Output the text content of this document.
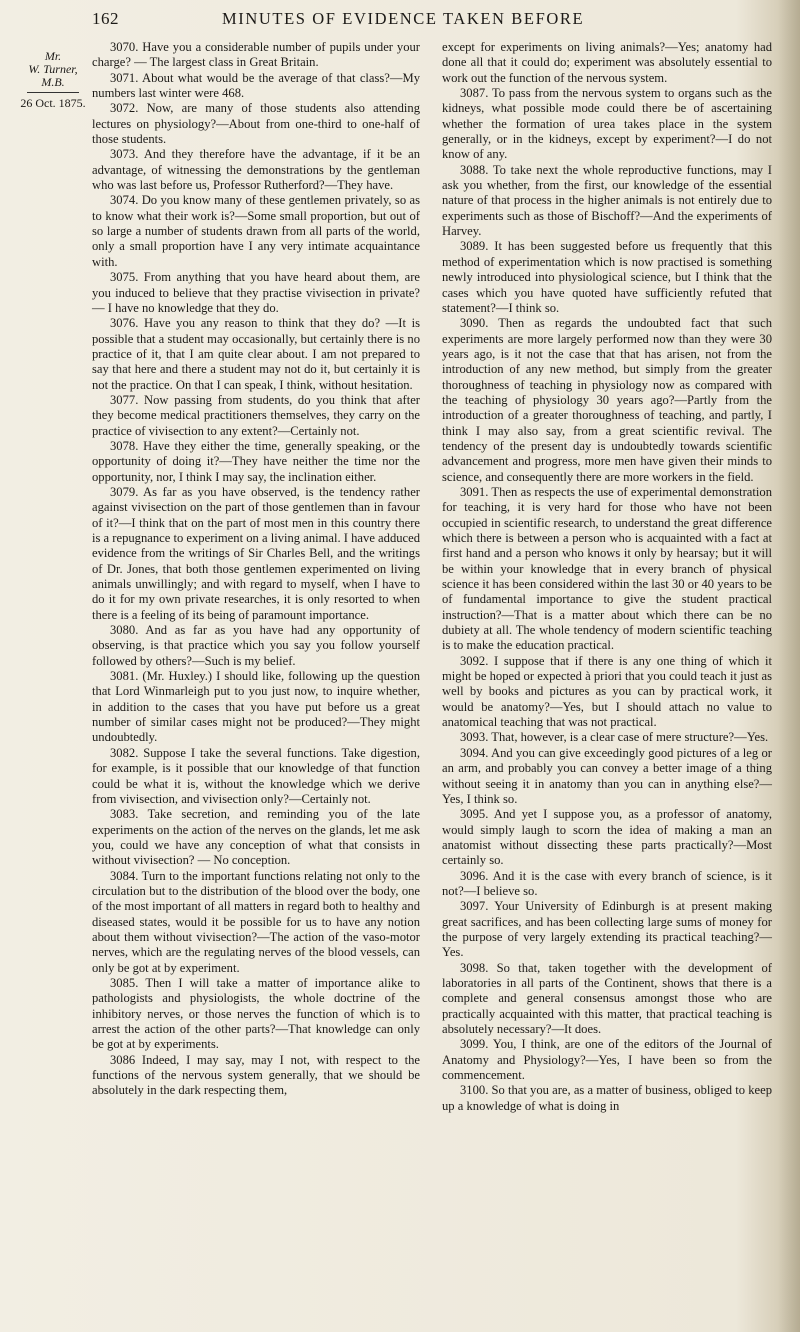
162	MINUTES OF EVIDENCE TAKEN BEFORE
Mr.
W. Turner,
M.B.
26 Oct. 1875.

3070. Have you a considerable number of pupils under your charge? — The largest class in Great Britain.

3071. About what would be the average of that class?—My numbers last winter were 468.

3072. Now, are many of those students also attending lectures on physiology?—About from one-third to one-half of those students.

3073. And they therefore have the advantage, if it be an advantage, of witnessing the demonstrations by the gentleman who was last before us, Professor Rutherford?—They have.

3074. Do you know many of these gentlemen privately, so as to know what their work is?—Some small proportion, but out of so large a number of students drawn from all parts of the world, only a small proportion have I any very intimate acquaintance with.

3075. From anything that you have heard about them, are you induced to believe that they practise vivisection in private? — I have no knowledge that they do.

3076. Have you any reason to think that they do? —It is possible that a student may occasionally, but certainly there is no practice of it, that I am quite clear about. I am not prepared to say that here and there a student may not do it, but certainly it is not the practice. On that I can speak, I think, without hesitation.

3077. Now passing from students, do you think that after they become medical practitioners themselves, they carry on the practice of vivisection to any extent?—Certainly not.

3078. Have they either the time, generally speaking, or the opportunity of doing it?—They have neither the time nor the opportunity, nor, I think I may say, the inclination either.

3079. As far as you have observed, is the tendency rather against vivisection on the part of those gentlemen than in favour of it?—I think that on the part of most men in this country there is a repugnance to experiment on a living animal. I have adduced evidence from the writings of Sir Charles Bell, and the writings of Dr. Jones, that both those gentlemen experimented on living animals unwillingly; and with regard to myself, when I have to do it for my own private researches, it is only resorted to when there is a feeling of its being of paramount importance.

3080. And as far as you have had any opportunity of observing, is that practice which you say you follow yourself followed by others?—Such is my belief.

3081. (Mr. Huxley.) I should like, following up the question that Lord Winmarleigh put to you just now, to inquire whether, in addition to the cases that you have put before us a great number of similar cases might not be produced?—They might undoubtedly.

3082. Suppose I take the several functions. Take digestion, for example, is it possible that our knowledge of that function could be what it is, without the knowledge which we derive from vivisection, and vivisection only?—Certainly not.

3083. Take secretion, and reminding you of the late experiments on the action of the nerves on the glands, let me ask you, could we have any conception of what that consists in without vivisection? — No conception.

3084. Turn to the important functions relating not only to the circulation but to the distribution of the blood over the body, one of the most important of all matters in regard both to healthy and diseased states, would it be possible for us to have any notion about them without vivisection?—The action of the vaso-motor nerves, which are the regulating nerves of the blood vessels, can only be got at by experiment.

3085. Then I will take a matter of importance alike to pathologists and physiologists, the whole doctrine of the inhibitory nerves, or those nerves the function of which is to arrest the action of the other parts?—That knowledge can only be got at by experiments.

3086 Indeed, I may say, may I not, with respect to the functions of the nervous system generally, that we should be absolutely in the dark respecting them,

except for experiments on living animals?—Yes; anatomy had done all that it could do; experiment was absolutely essential to work out the function of the nervous system.

3087. To pass from the nervous system to organs such as the kidneys, what possible mode could there be of ascertaining whether the formation of urea takes place in the system generally, or in the kidneys, except by experiment?—I do not know of any.

3088. To take next the whole reproductive functions, may I ask you whether, from the first, our knowledge of the essential nature of that process in the higher animals is not entirely due to experiments such as those of Bischoff?—And the experiments of Harvey.

3089. It has been suggested before us frequently that this method of experimentation which is now practised is something newly introduced into physiological science, but I think that the cases which you have quoted have sufficiently refuted that statement?—I think so.

3090. Then as regards the undoubted fact that such experiments are more largely performed now than they were 30 years ago, is it not the case that that has arisen, not from the introduction of any new method, but simply from the greater thoroughness of teaching in physiology now as compared with the teaching of physiology 30 years ago?—Partly from the introduction of a greater thoroughness of teaching, and partly, I think I may also say, from a great scientific revival. The tendency of the present day is undoubtedly towards scientific advancement and progress, more men have given their minds to science, and consequently there are more workers in the field.

3091. Then as respects the use of experimental demonstration for teaching, it is very hard for those who have not been occupied in scientific research, to understand the great difference which there is between a person who is acquainted with a fact at first hand and a person who knows it only by hearsay; but it will be within your knowledge that in every branch of physical science it has been considered within the last 30 or 40 years to be of fundamental importance to give the student practical instruction?—That is a matter about which there can be no dubiety at all. The whole tendency of modern scientific teaching is to make the education practical.

3092. I suppose that if there is any one thing of which it might be hoped or expected à priori that you could teach it just as well by books and pictures as you can by practical work, it would be anatomy?—Yes, but I should attach no value to anatomical teaching that was not practical.

3093. That, however, is a clear case of mere structure?—Yes.

3094. And you can give exceedingly good pictures of a leg or an arm, and probably you can convey a better image of a thing without seeing it in anatomy than you can in anything else?—Yes, I think so.

3095. And yet I suppose you, as a professor of anatomy, would simply laugh to scorn the idea of making a man an anatomist without dissecting these parts practically?—Most certainly so.

3096. And it is the case with every branch of science, is it not?—I believe so.

3097. Your University of Edinburgh is at present making great sacrifices, and has been collecting large sums of money for the purpose of very largely extending its practical teaching?—Yes.

3098. So that, taken together with the development of laboratories in all parts of the Continent, shows that there is a complete and general consensus amongst those who are practically acquainted with this matter, that practical teaching is absolutely necessary?—It does.

3099. You, I think, are one of the editors of the Journal of Anatomy and Physiology?—Yes, I have been so from the commencement.

3100. So that you are, as a matter of business, obliged to keep up a knowledge of what is doing in
